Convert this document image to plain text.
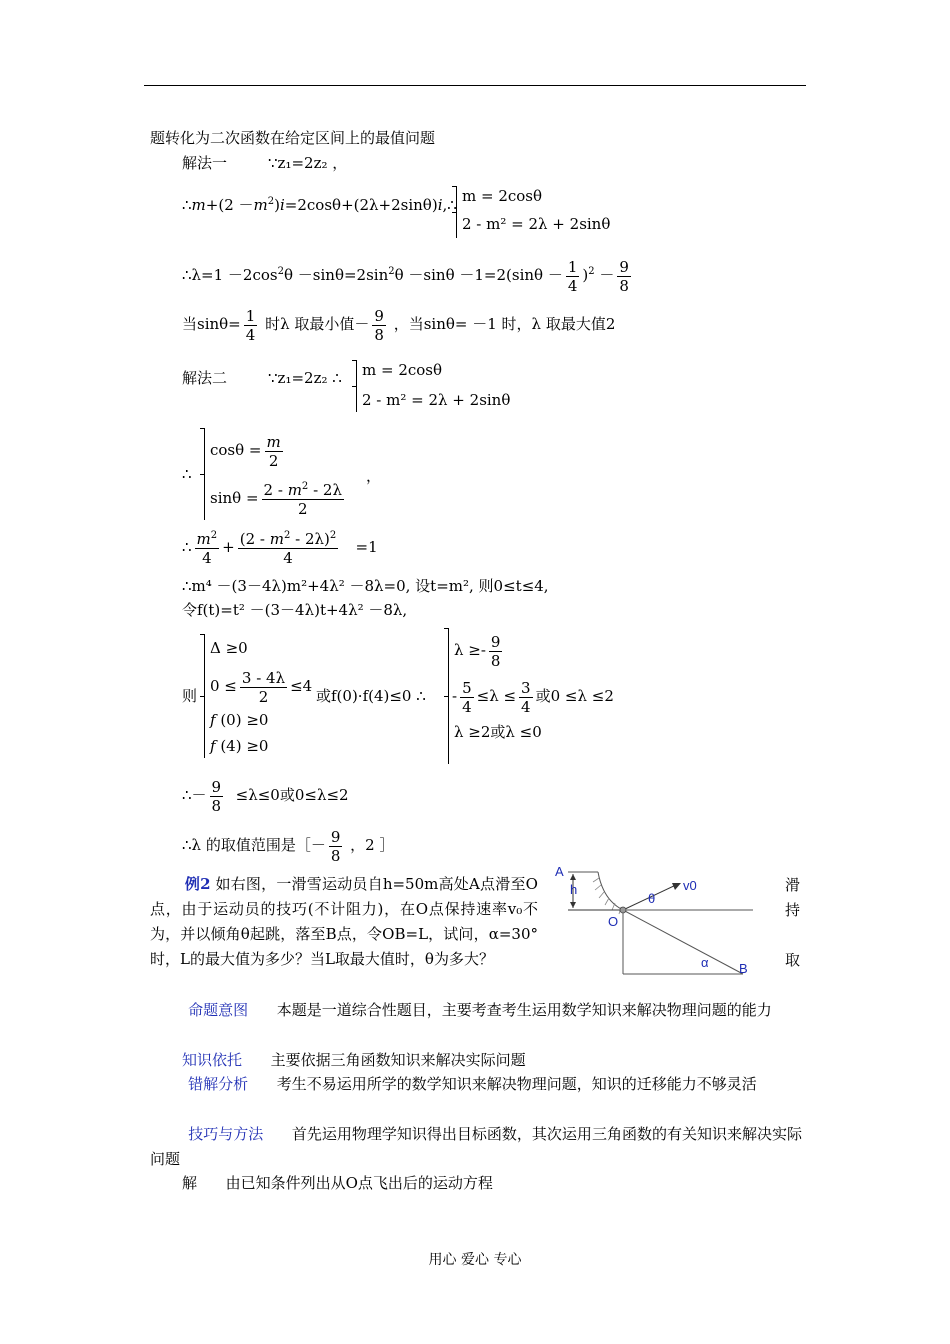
题转化为二次函数在给定区间上的最值问题
解法一	∵z₁=2z₂ ，
∴m+(2 $-m^2)i=2\cos\theta+(2\lambda+2\sin\theta)i,\therefore$ m = 2cosθ
2 - m² = 2λ + 2sinθ
∴λ=1 $-2\cos^2\theta -\sin\theta=2\sin^2\theta -\sin\theta -1=2(\sin\theta - \frac{1}{4} )^2 - \frac{9}{8}$
当$\sin\theta= \frac{1}{4}$ 时λ 取最小值－ $\frac{9}{8}$ ，当sinθ= －1 时，λ 取最大值2
解法二	∵z₁=2z₂ ∴ m = 2cosθ
2 - m² = 2λ + 2sinθ
∴
$\cos\theta = \frac{m}{2}$
$\sin\theta = \frac{2 - m^2 - 2\lambda}{2}$
，
∴ $\frac{m^2}{4} + \frac{(2 - m^2 - 2\lambda)^2}{4} =1$
∴m⁴ －(3－4λ)m²+4λ² －8λ=0, 设t=m², 则0≤t≤4,
令f(t)=t² －(3－4λ)t+4λ² －8λ,
则
Δ ≥0
$0 \le \frac{3 - 4\lambda}{2} \le 4$
f (0) ≥0
f (4) ≥0
或f(0)·f(4)≤0 ∴
$\lambda \ge- \frac{9}{8}$
- $\frac{5}{4} \le\lambda \le \frac{3}{4}$ 或0 ≤λ ≤2
λ ≥2或λ ≤0
∴－ $\frac{9}{8} \le\lambda\le 0$或0≤λ≤2
∴λ 的取值范围是［－ $\frac{9}{8}$ ，2 ］
例2 如右图，一滑雪运动员自h=50m高处A点滑至O点，由于运动员的技巧(不计阻力)，在O点保持速率v₀不为，并以倾角θ起跳，落至B点，令OB=L，试问，α=30°时，L的最大值为多少？当L取最大值时，θ为多大？
滑
持
取
A
h
O
v0
θ
α B
命题意图 本题是一道综合性题目，主要考查考生运用数学知识来解决物理问题的能力
知识依托 主要依据三角函数知识来解决实际问题
错解分析 考生不易运用所学的数学知识来解决物理问题，知识的迁移能力不够灵活
技巧与方法 首先运用物理学知识得出目标函数，其次运用三角函数的有关知识来解决实际问题
解 由已知条件列出从O点飞出后的运动方程
用心 爱心 专心
